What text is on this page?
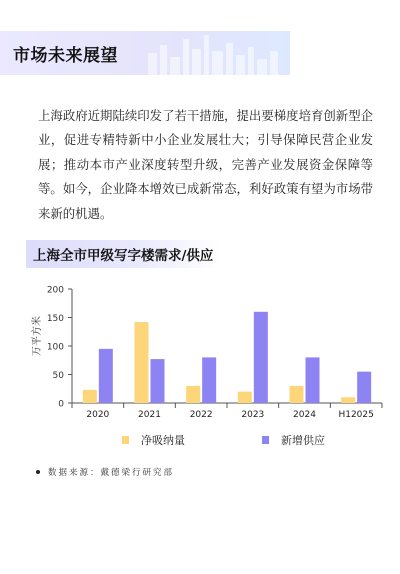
市场未来展望
上海政府近期陆续印发了若干措施，提出要梯度培育创新型企业，促进专精特新中小企业发展壮大；引导保障民营企业发展；推动本市产业深度转型升级，完善产业发展资金保障等等。如今，企业降本增效已成新常态，利好政策有望为市场带来新的机遇。
上海全市甲级写字楼需求/供应
万平方米
0
50
100
150
200
2020	2021	2022	2023	2024	H12025
净吸纳量	新增供应
数据来源：戴德梁行研究部
